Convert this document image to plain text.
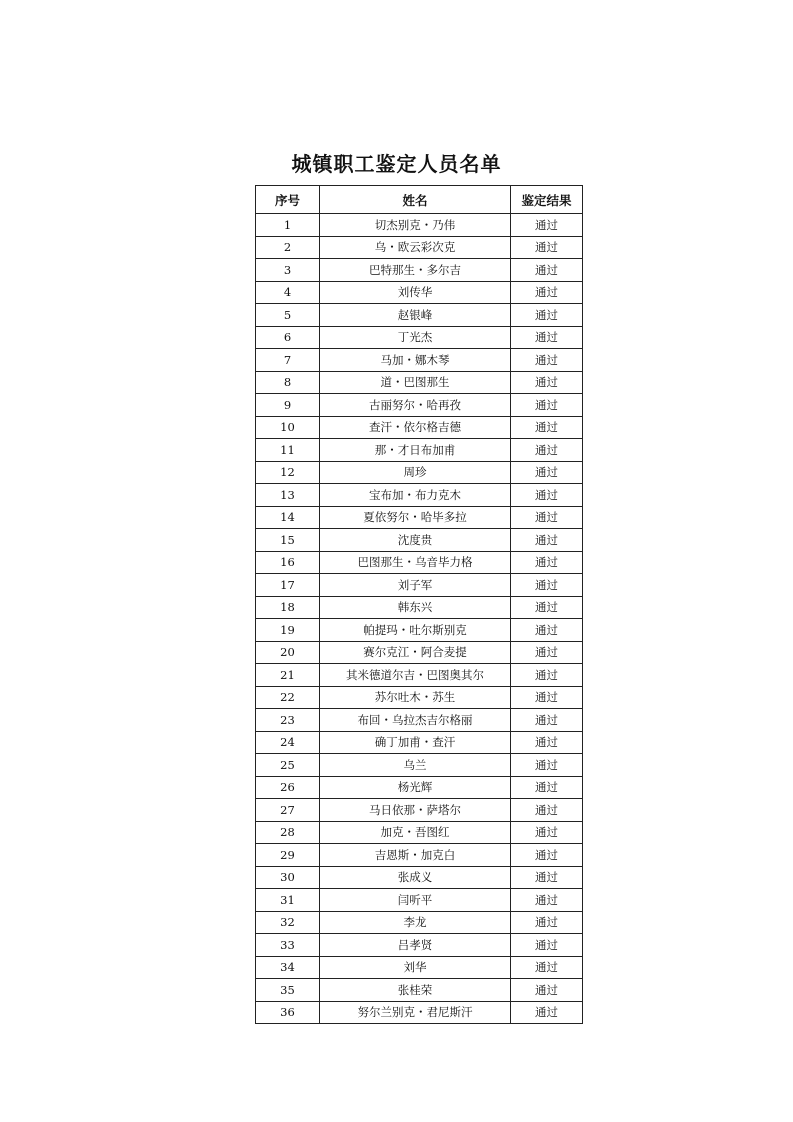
城镇职工鉴定人员名单
序号	姓名	鉴定结果
1	切杰别克・乃伟	通过
2	乌・欧云彩次克	通过
3	巴特那生・多尔吉	通过
4	刘传华	通过
5	赵银峰	通过
6	丁光杰	通过
7	马加・娜木琴	通过
8	道・巴图那生	通过
9	古丽努尔・哈再孜	通过
10	查汗・依尔格吉德	通过
11	那・才日布加甫	通过
12	周珍	通过
13	宝布加・布力克木	通过
14	夏依努尔・哈毕多拉	通过
15	沈度贵	通过
16	巴图那生・乌音毕力格	通过
17	刘子军	通过
18	韩东兴	通过
19	帕提玛・吐尔斯别克	通过
20	赛尔克江・阿合麦提	通过
21	其米德道尔吉・巴图奥其尔	通过
22	苏尔吐木・苏生	通过
23	布回・乌拉杰吉尔格丽	通过
24	确丁加甫・查汗	通过
25	乌兰	通过
26	杨光辉	通过
27	马日依那・萨塔尔	通过
28	加克・吾图红	通过
29	吉恩斯・加克白	通过
30	张成义	通过
31	闫听平	通过
32	李龙	通过
33	吕孝贤	通过
34	刘华	通过
35	张桂荣	通过
36	努尔兰别克・君尼斯汗	通过
